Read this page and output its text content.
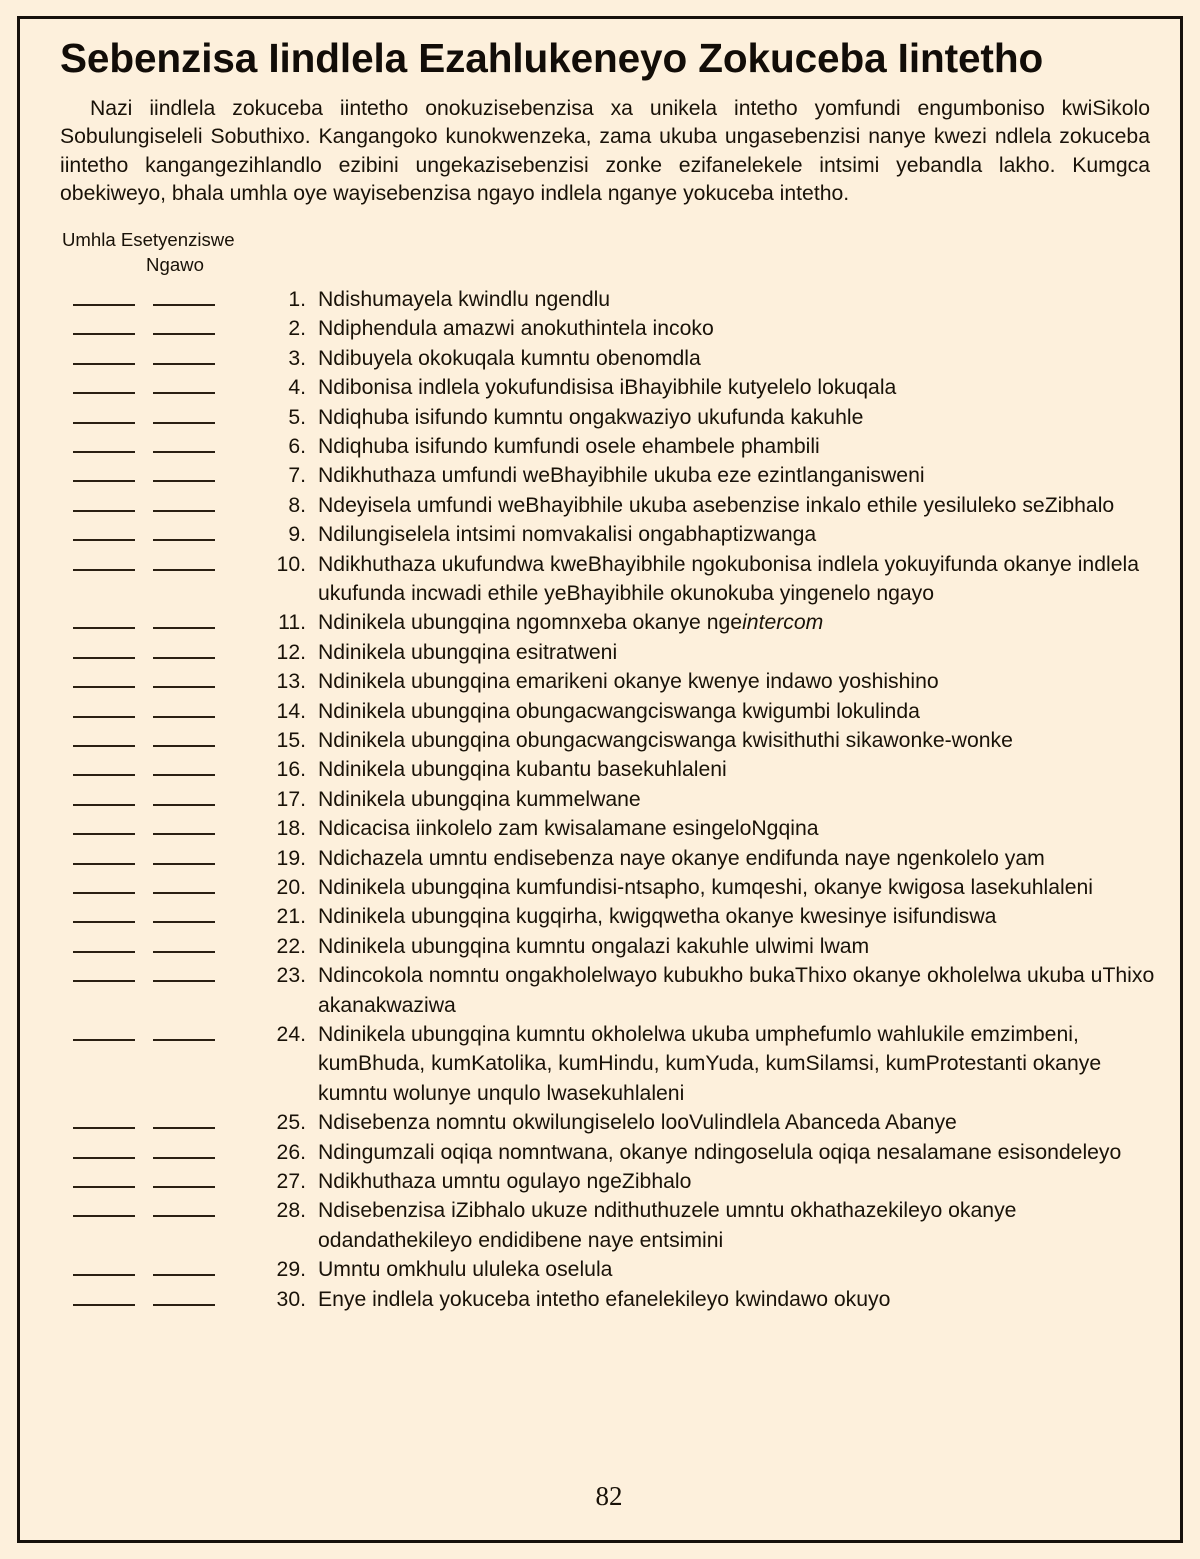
Sebenzisa Iindlela Ezahlukeneyo Zokuceba Iintetho

Nazi iindlela zokuceba iintetho onokuzisebenzisa xa unikela intetho yomfundi engumboniso kwiSikolo Sobulungiseleli Sobuthixo. Kangangoko kunokwenzeka, zama ukuba ungasebenzisi nanye kwezi ndlela zokuceba iintetho kangangezihlandlo ezibini ungekazisebenzisi zonke ezifanelekele intsimi yebandla lakho. Kumgca obekiweyo, bhala umhla oye wayisebenzisa ngayo indlela nganye yokuceba intetho.

Umhla Esetyenziswe
Ngawo
1. Ndishumayela kwindlu ngendlu
2. Ndiphendula amazwi anokuthintela incoko
3. Ndibuyela okokuqala kumntu obenomdla
4. Ndibonisa indlela yokufundisisa iBhayibhile kutyelelo lokuqala
5. Ndiqhuba isifundo kumntu ongakwaziyo ukufunda kakuhle
6. Ndiqhuba isifundo kumfundi osele ehambele phambili
7. Ndikhuthaza umfundi weBhayibhile ukuba eze ezintlanganisweni
8. Ndeyisela umfundi weBhayibhile ukuba asebenzise inkalo ethile yesiluleko seZibhalo
9. Ndilungiselela intsimi nomvakalisi ongabhaptizwanga
10. Ndikhuthaza ukufundwa kweBhayibhile ngokubonisa indlela yokuyifunda okanye indlela ukufunda incwadi ethile yeBhayibhile okunokuba yingenelo ngayo
11. Ndinikela ubungqina ngomnxeba okanye ngeintercom
12. Ndinikela ubungqina esitratweni
13. Ndinikela ubungqina emarikeni okanye kwenye indawo yoshishino
14. Ndinikela ubungqina obungacwangciswanga kwigumbi lokulinda
15. Ndinikela ubungqina obungacwangciswanga kwisithuthi sikawonke-wonke
16. Ndinikela ubungqina kubantu basekuhlaleni
17. Ndinikela ubungqina kummelwane
18. Ndicacisa iinkolelo zam kwisalamane esingeloNgqina
19. Ndichazela umntu endisebenza naye okanye endifunda naye ngenkolelo yam
20. Ndinikela ubungqina kumfundisi-ntsapho, kumqeshi, okanye kwigosa lasekuhlaleni
21. Ndinikela ubungqina kugqirha, kwigqwetha okanye kwesinye isifundiswa
22. Ndinikela ubungqina kumntu ongalazi kakuhle ulwimi lwam
23. Ndincokola nomntu ongakholelwayo kubukho bukaThixo okanye okholelwa ukuba uThixo akanakwaziwa
24. Ndinikela ubungqina kumntu okholelwa ukuba umphefumlo wahlukile emzimbeni, kumBhuda, kumKatolika, kumHindu, kumYuda, kumSilamsi, kumProtestanti okanye kumntu wolunye unqulo lwasekuhlaleni
25. Ndisebenza nomntu okwilungiselelo looVulindlela Abanceda Abanye
26. Ndingumzali oqiqa nomntwana, okanye ndingoselula oqiqa nesalamane esisondeleyo
27. Ndikhuthaza umntu ogulayo ngeZibhalo
28. Ndisebenzisa iZibhalo ukuze ndithuthuzele umntu okhathazekileyo okanye odandathekileyo endidibene naye entsimini
29. Umntu omkhulu ululeka oselula
30. Enye indlela yokuceba intetho efanelekileyo kwindawo okuyo
82
